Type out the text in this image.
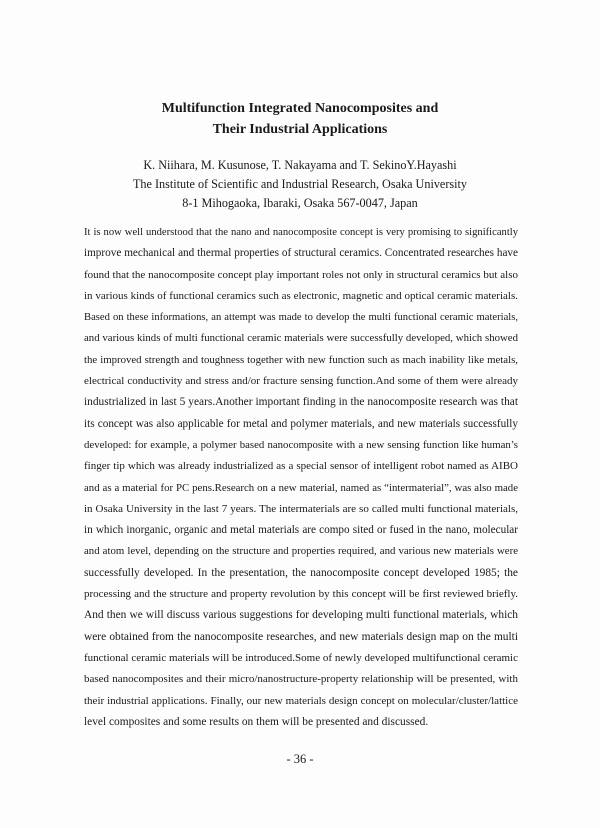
Multifunction Integrated Nanocomposites and
Their Industrial Applications
K. Niihara, M. Kusunose, T. Nakayama and T. SekinoY.Hayashi
The Institute of Scientific and Industrial Research, Osaka University
8-1 Mihogaoka, Ibaraki, Osaka 567-0047, Japan
It is now well understood that the nano and nanocomposite concept is very promising to significantly
improve mechanical and thermal properties of structural ceramics. Concentrated researches have
found that the nanocomposite concept play important roles not only in structural ceramics but also
in various kinds of functional ceramics such as electronic, magnetic and optical ceramic materials.
Based on these informations, an attempt was made to develop the multi functional ceramic materials,
and various kinds of multi functional ceramic materials were successfully developed, which showed
the improved strength and toughness together with new function such as mach inability like metals,
electrical conductivity and stress and/or fracture sensing function.And some of them were already
industrialized in last 5 years.Another important finding in the nanocomposite research was that
its concept was also applicable for metal and polymer materials, and new materials successfully
developed: for example, a polymer based nanocomposite with a new sensing function like human’s
finger tip which was already industrialized as a special sensor of intelligent robot named as AIBO
and as a material for PC pens.Research on a new material, named as “intermaterial”, was also made
in Osaka University in the last 7 years. The intermaterials are so called multi functional materials,
in which inorganic, organic and metal materials are compo sited or fused in the nano, molecular
and atom level, depending on the structure and properties required, and various new materials were
successfully developed. In the presentation, the nanocomposite concept developed 1985; the
processing and the structure and property revolution by this concept will be first reviewed briefly.
And then we will discuss various suggestions for developing multi functional materials, which
were obtained from the nanocomposite researches, and new materials design map on the multi
functional ceramic materials will be introduced.Some of newly developed multifunctional ceramic
based nanocomposites and their micro/nanostructure-property relationship will be presented, with
their industrial applications. Finally, our new materials design concept on molecular/cluster/lattice
level composites and some results on them will be presented and discussed.
- 36 -
